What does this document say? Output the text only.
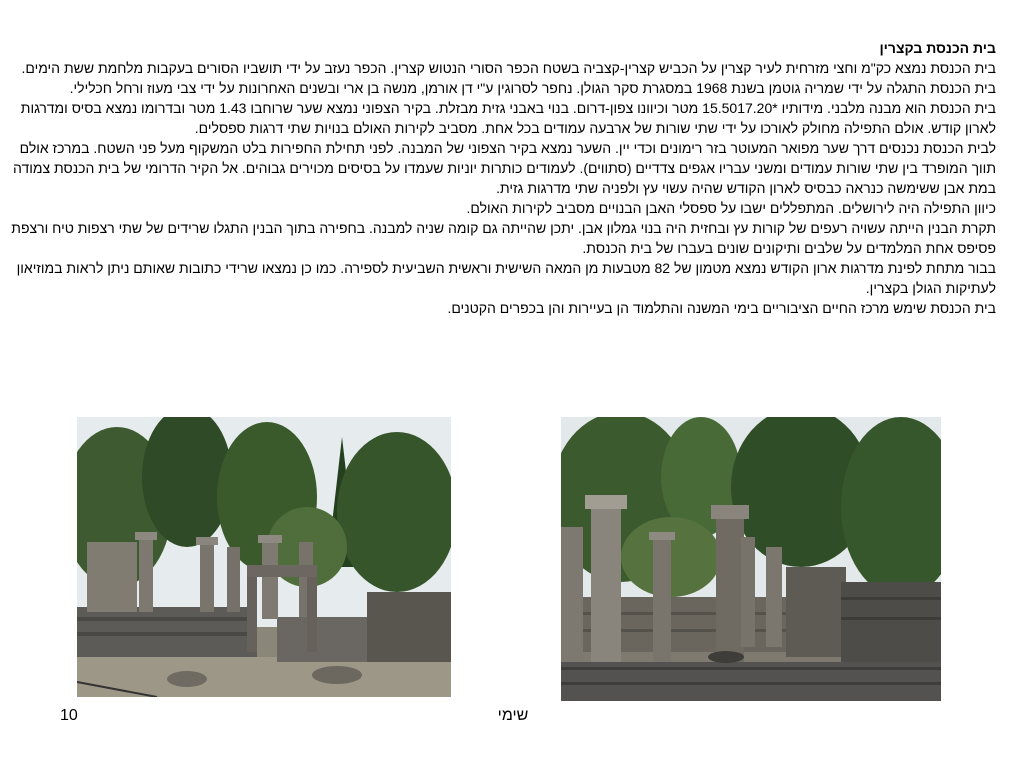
בית הכנסת בקצרין

בית הכנסת נמצא כק"מ וחצי מזרחית לעיר קצרין על הכביש קצרין-קצביה בשטח הכפר הסורי הנטוש קצרין. הכפר נעזב על ידי תושביו הסורים בעקבות מלחמת ששת הימים. בית הכנסת התגלה על ידי שמריה גוטמן בשנת 1968 במסגרת סקר הגולן. נחפר לסרוגין ע"י דן אורמן, מנשה בן ארי ובשנים האחרונות על ידי צבי מעוז ורחל חכלילי.

בית הכנסת הוא מבנה מלבני. מידותיו *15.5017.20 מטר וכיוונו צפון-דרום. בנוי באבני גזית מבזלת. בקיר הצפוני נמצא שער שרוחבו 1.43 מטר ובדרומו נמצא בסיס ומדרגות לארון קודש. אולם התפילה מחולק לאורכו על ידי שתי שורות של ארבעה עמודים בכל אחת. מסביב לקירות האולם בנויות שתי דרגות ספסלים.

לבית הכנסת נכנסים דרך שער מפואר המעוטר בזר רימונים וכדי יין. השער נמצא בקיר הצפוני של המבנה. לפני תחילת החפירות בלט המשקוף מעל פני השטח. במרכז אולם תווך המופרד בין שתי שורות עמודים ומשני עבריו אגפים צדדיים (סתווים). לעמודים כותרות יוניות שעמדו על בסיסים מכוירים גבוהים. אל הקיר הדרומי של בית הכנסת צמודה במת אבן ששימשה כנראה כבסיס לארון הקודש שהיה עשוי עץ ולפניה שתי מדרגות גזית.

כיוון התפילה היה לירושלים. המתפללים ישבו על ספסלי האבן הבנויים מסביב לקירות האולם.

תקרת הבנין הייתה עשויה רעפים של קורות עץ ובחזית היה בנוי גמלון אבן. יתכן שהייתה גם קומה שניה למבנה. בחפירה בתוך הבנין התגלו שרידים של שתי רצפות טיח ורצפת פסיפס אחת המלמדים על שלבים ותיקונים שונים בעברו של בית הכנסת.

בבור מתחת לפינת מדרגות ארון הקודש נמצא מטמון של 82 מטבעות מן המאה השישית וראשית השביעית לספירה. כמו כן נמצאו שרידי כתובות שאותם ניתן לראות במוזיאון לעתיקות הגולן בקצרין.

בית הכנסת שימש מרכז החיים הציבוריים בימי המשנה והתלמוד הן בעיירות והן בכפרים הקטנים.

שימי
10
